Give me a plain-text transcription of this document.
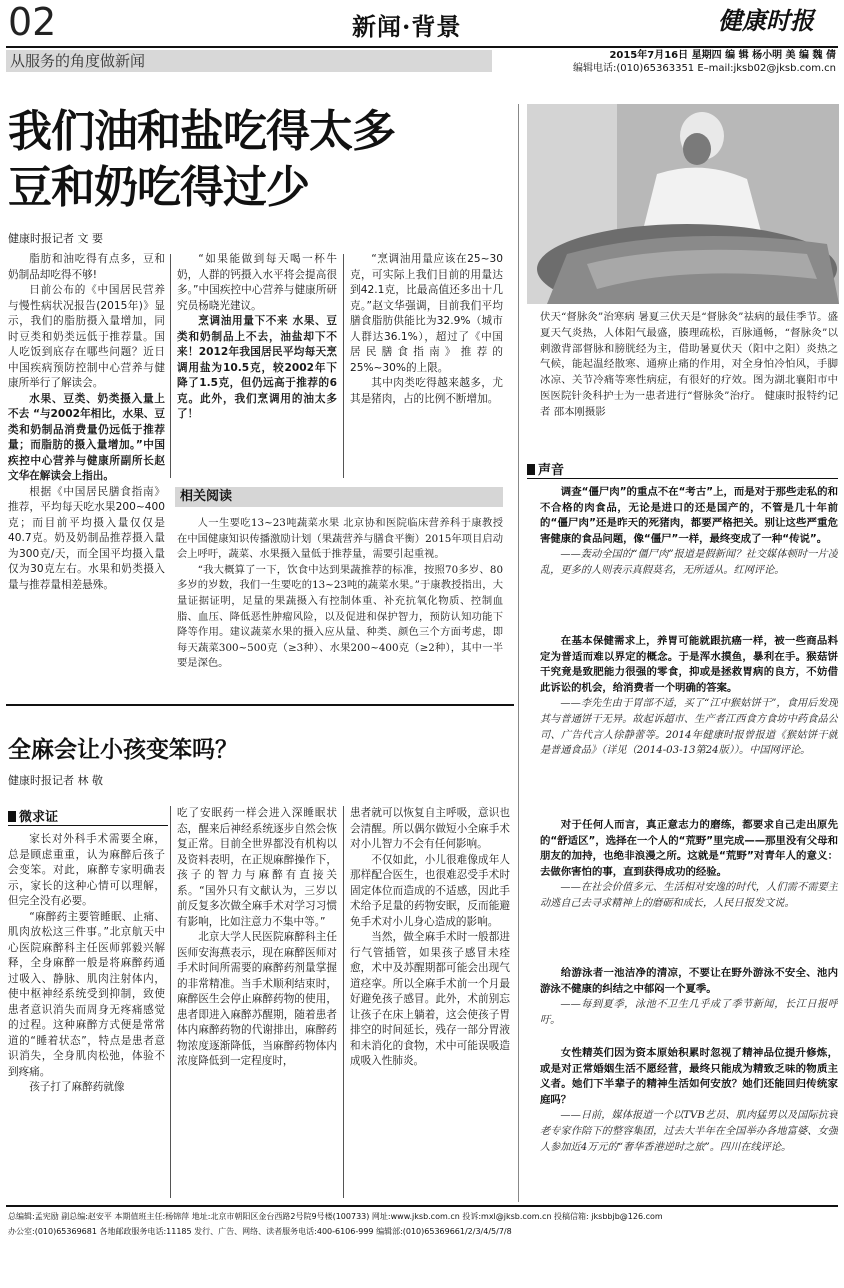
02	新闻·背景	健康时报
从服务的角度做新闻	2015年7月16日 星期四 编 辑 杨小明 美 编 魏 倩
编辑电话:(010)65363351 E–mail:jksb02@jksb.com.cn
我们油和盐吃得太多
豆和奶吃得过少
健康时报记者 文 要

脂肪和油吃得有点多，豆和奶制品却吃得不够!

日前公布的《中国居民营养与慢性病状况报告(2015年)》显示，我们的脂肪摄入量增加，同时豆类和奶类远低于推荐量。国人吃饭到底存在哪些问题？近日中国疾病预防控制中心营养与健康所举行了解读会。

水果、豆类、奶类摄入量上不去 “与2002年相比，水果、豆类和奶制品消费量仍远低于推荐量；而脂肪的摄入量增加。”中国疾控中心营养与健康所副所长赵文华在解读会上指出。

根据《中国居民膳食指南》推荐，平均每天吃水果200~400克；而目前平均摄入量仅仅是40.7克。奶及奶制品推荐摄入量为300克/天，而全国平均摄入量仅为30克左右。水果和奶类摄入量与推荐量相差悬殊。

“如果能做到每天喝一杯牛奶，人群的钙摄入水平将会提高很多。”中国疾控中心营养与健康所研究员杨晓光建议。

烹调油用量下不来 水果、豆类和奶制品上不去，油盐却下不来！2012年我国居民平均每天烹调用盐为10.5克，较2002年下降了1.5克，但仍远高于推荐的6克。此外，我们烹调用的油太多了！

“烹调油用量应该在25~30克，可实际上我们目前的用量达到42.1克，比最高值还多出十几克。”赵文华强调，目前我们平均膳食脂肪供能比为32.9%（城市人群达36.1%），超过了《中国居民膳食指南》推荐的25%~30%的上限。

其中肉类吃得越来越多，尤其是猪肉，占的比例不断增加。

相关阅读

人一生要吃13~23吨蔬菜水果 北京协和医院临床营养科于康教授在中国健康知识传播激励计划（果蔬营养与膳食平衡）2015年项目启动会上呼吁，蔬菜、水果摄入量低于推荐量，需要引起重视。

“我大概算了一下，饮食中达到果蔬推荐的标准，按照70多岁、80多岁的岁数，我们一生要吃的13~23吨的蔬菜水果。”于康教授指出，大量证据证明，足量的果蔬摄入有控制体重、补充抗氧化物质、控制血脂、血压、降低恶性肿瘤风险，以及促进和保护智力，预防认知功能下降等作用。建议蔬菜水果的摄入应从量、种类、颜色三个方面考虑，即每天蔬菜300~500克（≥3种）、水果200~400克（≥2种），其中一半要是深色。

伏天“督脉灸”治寒病 暑夏三伏天是“督脉灸”祛病的最佳季节。盛夏天气炎热，人体阳气最盛，腠理疏松，百脉通畅，“督脉灸”以刺激背部督脉和膀胱经为主，借助暑夏伏天（阳中之阳）炎热之气候，能起温经散寒、通痹止痛的作用，对全身怕冷怕风，手脚冰凉、关节冷痛等寒性病症，有很好的疗效。图为湖北襄阳市中医医院针灸科护士为一患者进行“督脉灸”治疗。 健康时报特约记者 邵本刚摄影
声音

调查“僵尸肉”的重点不在“考古”上，而是对于那些走私的和不合格的肉食品，无论是进口的还是国产的，不管是几十年前的“僵尸肉”还是昨天的死猪肉，都要严格把关。别让这些严重危害健康的食品问题，像“僵尸”一样，最终变成了一种“传说”。

——轰动全国的“僵尸肉”报道是假新闻？社交媒体顿时一片凌乱，更多的人则表示真假莫名，无所适从。红网评论。

在基本保健需求上，养胃可能就跟抗癌一样，被一些商品料定为普适而难以界定的概念。于是浑水摸鱼，暴利在手。猴菇饼干究竟是致肥能力很强的零食，抑或是拯救胃病的良方，不妨借此诉讼的机会，给消费者一个明确的答案。

——李先生由于胃部不适，买了“江中猴姑饼干”，食用后发现其与普通饼干无异。故起诉超市、生产者江西食方食坊中药食品公司、广告代言人徐静蕾等。2014年健康时报曾报道《猴姑饼干就是普通食品》（详见（2014-03-13第24版））。中国网评论。

对于任何人而言，真正意志力的磨练，都要求自己走出原先的“舒适区”，选择在一个人的“荒野”里完成——那里没有父母和朋友的加持，也绝非浪漫之所。这就是“荒野”对青年人的意义：去做你害怕的事，直到获得成功的经验。

——在社会价值多元、生活相对安逸的时代，人们需不需要主动逃自己去寻求精神上的磨砺和成长，人民日报发文说。

给游泳者一池洁净的清凉，不要让在野外游泳不安全、池内游泳不健康的纠结之中郁闷一个夏季。

——每到夏季，泳池不卫生几乎成了季节新闻，长江日报呼吁。

女性精英们因为资本原始积累时忽视了精神品位提升修炼，或是对正常婚姻生活不愿经营，最终只能成为精致乏味的物质主义者。她们下半辈子的精神生活如何安放？她们还能回归传统家庭吗？

——日前，媒体报道一个以TVB艺员、肌肉猛男以及国际抗衰老专家作陪下的整容集团，过去大半年在全国举办各地富婆、女强人参加近4万元的“奢华香港逆时之旅”。四川在线评论。

全麻会让小孩变笨吗？
健康时报记者 林 敬
微求证

家长对外科手术需要全麻，总是顾虑重重，认为麻醉后孩子会变笨。对此，麻醉专家明确表示，家长的这种心情可以理解，但完全没有必要。

“麻醉药主要管睡眠、止痛、肌肉放松这三件事。”北京航天中心医院麻醉科主任医师郭毅兴解释，全身麻醉一般是将麻醉药通过吸入、静脉、肌肉注射体内，使中枢神经系统受到抑制，致使患者意识消失而周身无疼痛感觉的过程。这种麻醉方式便是常常道的“睡着状态”，特点是患者意识消失，全身肌肉松弛，体验不到疼痛。

孩子打了麻醉药就像

吃了安眠药一样会进入深睡眠状态，醒来后神经系统逐步自然会恢复正常。目前全世界都没有机构以及资料表明，在正规麻醉操作下，孩子的智力与麻醉有直接关系。“国外只有文献认为，三岁以前反复多次做全麻手术对学习习惯有影响，比如注意力不集中等。”

北京大学人民医院麻醉科主任医师安海燕表示，现在麻醉医师对手术时间所需要的麻醉药剂量掌握的非常精准。当手术顺利结束时，麻醉医生会停止麻醉药物的使用，患者即进入麻醉苏醒期，随着患者体内麻醉药物的代谢排出，麻醉药物浓度逐渐降低，当麻醉药物体内浓度降低到一定程度时，

患者就可以恢复自主呼吸，意识也会清醒。所以偶尔做短小全麻手术对小儿智力不会有任何影响。

不仅如此，小儿很难像成年人那样配合医生，也很难忍受手术时固定体位而造成的不适感，因此手术给予足量的药物安眠，反而能避免手术对小儿身心造成的影响。

当然，做全麻手术时一般都进行气管插管，如果孩子感冒未痊愈，术中及苏醒期都可能会出现气道痉挛。所以全麻手术前一个月最好避免孩子感冒。此外，术前别忘让孩子在床上躺着，这会使孩子胃排空的时间延长，残存一部分胃液和未消化的食物，术中可能误吸造成吸入性肺炎。

总编辑:孟宪励 副总编:赵安平 本期值班主任:杨锦萍 地址:北京市朝阳区金台西路2号院9号楼(100733) 网址:www.jksb.com.cn 投诉:mxl@jksb.com.cn 投稿信箱: jksbbjb@126.com
办公室:(010)65369681 各地邮政服务电话:11185 发行、广告、网络、读者服务电话:400-6106-999 编辑部:(010)65369661/2/3/4/5/7/8
